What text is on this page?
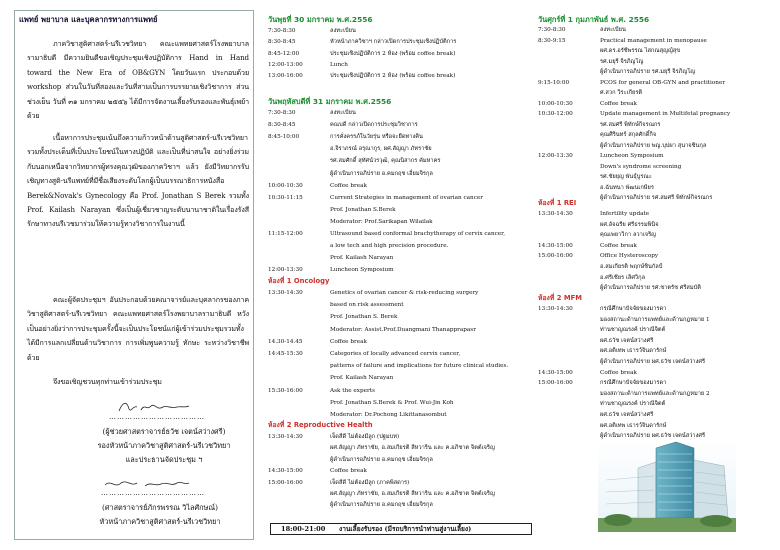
แพทย์ พยาบาล และบุคลากรทางการแพทย์
ภาควิชาสูติศาสตร์-นรีเวชวิทยา คณะแพทยศาสตร์โรงพยาบาล รามาธิบดี มีความยินดีขอเชิญประชุมเชิงปฏิบัติการ Hand in Hand toward the New Era of OB&GYN โดยวันแรก ประกอบด้วย workshop ส่วนในวันที่สองและวันที่สามเป็นการบรรยายเชิงวิชาการ ส่วนช่วงเย็น วันที่ ๓๑ มกราคม ๒๕๕๖ ได้มีการจัดงานเลี้ยงรับรองและพันธุ์เพย้าด้วย
เนื้อหาการประชุมเน้นถึงความก้าวหน้าด้านสูติศาสตร์-นรีเวชวิทยา รวมทั้งประเด็นที่เป็นประโยชน์ในทางปฏิบัติ และเป็นที่น่าสนใจ อย่างยิ่งร่วมกับนอกเหนือจากวิทยากรผู้ทรงคุณวุฒิของภาควิชาฯ แล้ว ยังมีวิทยากรรับเชิญทางสูติ-นรีแพทย์ที่มีชื่อเสียงระดับโลกผู้เป็นบรรณาธิการหนังสือ Berek&Novak's Gynecology คือ Prof. Jonathan S Berek รวมทั้ง Prof. Kailash Narayan ซึ่งเป็นผู้เชี่ยวชาญระดับนานาชาติในเรื่องรังสีรักษาทางนรีเวชมาร่วมให้ความรู้ทางวิชาการในงานนี้
คณะผู้จัดประชุมฯ อันประกอบด้วยคณาจารย์และบุคลากรของภาควิชาสูติศาสตร์-นรีเวชวิทยา คณะแพทยศาสตร์โรงพยาบาลรามาธิบดี หวังเป็นอย่างยิ่งว่าการประชุมครั้งนี้จะเป็นประโยชน์แก่ผู้เข้าร่วมประชุมรวมทั้งได้มีการแลกเปลี่ยนด้านวิชาการ การเพิ่มพูนความรู้ ทักษะ ระหว่างวิชาชีพด้วย
จึงขอเชิญชวนทุกท่านเข้าร่วมประชุม
………………………………
(ผู้ช่วยศาสตราจารย์ธวัช เจตน์สว่างศรี)
รองหัวหน้าภาควิชาสูติศาสตร์-นรีเวชวิทยา
และประธานจัดประชุม ฯ
…………………………………
(ศาสตราจารย์ภักรพรรณ วิไลศักษณ์)
หัวหน้าภาควิชาสูติศาสตร์-นรีเวชวิทยา
วันพุธที่ 30 มกราคม พ.ศ.2556
7:30-8:30	ลงทะเบียน
8:30-8:45	หัวหน้าภาควิชาฯ กล่าวเปิดการประชุมเชิงปฏิบัติการ
8:45-12:00	ประชุมเชิงปฏิบัติการ 2 ห้อง (พร้อม coffee break)
12:00-13:00	Lunch
13:00-16:00	ประชุมเชิงปฏิบัติการ 2 ห้อง (พร้อม coffee break)
วันพฤหัสบดีที่ 31 มกราคม พ.ศ.2556
7:30-8:30	ลงทะเบียน
8:30-8:45	คณบดี กล่าวเปิดการประชุมวิชาการ
8:45-10:00	การคั่งครรภ์ในวัยรุ่น หรือจะยืดทางคิน
อ.จิราภรณ์ อรุณากูร, ผศ.สัญญา ภัทราชัย
รศ.สมศักดิ์ สุทัศน์วรวุฒิ, คุณนิสากร คัมหาคร
ผู้ดำเนินการอภิปราย อ.คมกฤช เอี่ยมจิรกุล
10:00-10:30	Coffee break
10:30-11:15	Current Strategies in management of ovarian cancer
Prof. Jonathan S.Berek
Moderator: Prof.Sarikapan Wilailak
11:15-12:00	Ultrasound based conformal brachytherapy of cervix cancer,
a low tech and high precision procedure.
Prof. Kailash Narayan
12:00-13:30	Luncheon Symposium
ห้องที่ 1 Oncology
13:30-14:30	Genetics of ovarian cancer & risk-reducing surgery
based on risk assessment
Prof. Jonathan S. Berek
Moderator: Assist.Prof.Duangmani Thanapprapasr
14.30-14.45	Coffee break
14:45-15:30	Categories of locally advanced cervix cancer,
patterns of failure and implications for future clinical studies.
Prof. Kailash Narayan
15:30-16:00	Ask the experts
Prof. Jonathan S.Berek & Prof. Wui-Jin Koh
Moderator: Dr.Pochong Likittanasombut
ห้องที่ 2 Reproductive Health
13:30-14:30	เจ็ดสีดี ไม่ต้องมีลูก (ปฐมบท)
ผศ.สัญญา ภัทราชัย, อ.สมเกียรติ สีหวาริน และ ค.อภิชาต จิตต์เจริญ
ผู้ดำเนินการอภิปราย อ.คมกฤช เอี่ยมจิรกุล
14:30-15:00	Coffee break
15:00-16:00	เจ็ดสีดี ไม่ต้องมีลูก (ภาคพิสดาร)
ผศ.สัญญา ภัทราชัย, อ.สมเกียรติ สีหวาริน และ ค.อภิชาต จิตต์เจริญ
ผู้ดำเนินการอภิปราย อ.คมกฤช เอี่ยมจิรกุล
18:00-21:00 งานเลี้ยงรับรอง (มีรถบริการนำท่านสู่งานเลี้ยง)
วันศุกร์ที่ 1 กุมภาพันธ์ พ.ศ. 2556
7:30-8:30	ลงทะเบียน
8:30-9:15	Practical management in menopause
ผศ.ดร.อรัชีพรรณ ไสกณสุญญ์สุข
รศ.มยุรี จิรภิญโญ
ผู้ดำเนินการอภิปราย รศ.มยุรี จิรภิญโญ
9:15-10:00	PCOS for general OB-GYN and practitioner
ศ.สวก วิระเกียรติ
10:00-10:30	Coffee break
10:30-12:00	Update management in Multifetal pregnancy
รศ.สมศรี พิทักษ์กิจรณกร
คุณศิรินทร์ สกุลศักดิ์กิจ
ผู้ดำเนินการอภิปราย พญ.บุปผา สุนาจชินกุล
12:00-13:30	Luncheon Symposium
Down's syndrome screening
รศ.ชัยยุญ พันธุ์บูรณะ
อ.ฉันทนา พัฒนเกษียร
ผู้ดำเนินการอภิปราย รศ.สมศรี พิทักษ์กิจรณกร
ห้องที่ 1 REI
13:30-14:30	Infertility update
ผศ.อัจฉรีย ศรีธรรมพินิจ
คุณเพยาวิกา ลวาเจริญ
14:30-15:00	Coffee break
15:00-16:00	Office Hysteroscopy
อ.สมเกียรติ พฤกษ์ชินกัลป์
อ.ศรีเชียร เลิศวิกุล
ผู้ดำเนินการอภิปราย รศ.ชาตรัช ศรีสมบัติ
ห้องที่ 2 MFM
13:30-14:30	กรณีศึกษาปัจจัยของมารดา
มองสถานะด้านการแพทย์และด้านกฎหมาย 1
ท่านชาญณรงค์ ปราณีจิตต์
ผศ.ธวัช เจตน์สว่างศรี
ผศ.อติเทพ เธารว์จินดารักษ์
ผู้ดำเนินการอภิปราย ผศ.ธวัช เจตน์สว่างศรี
14:30-15:00	Coffee break
15:00-16:00	กรณีศึกษาปัจจัยของมารดา
มองสถานะด้านการแพทย์และด้านกฎหมาย 2
ท่านชาญณรงค์ ปราณีจิตต์
ผศ.ธวัช เจตน์สว่างศรี
ผศ.อติเทพ เธารว์จินดารักษ์
ผู้ดำเนินการอภิปราย ผศ.ธวัช เจตน์สว่างศรี
